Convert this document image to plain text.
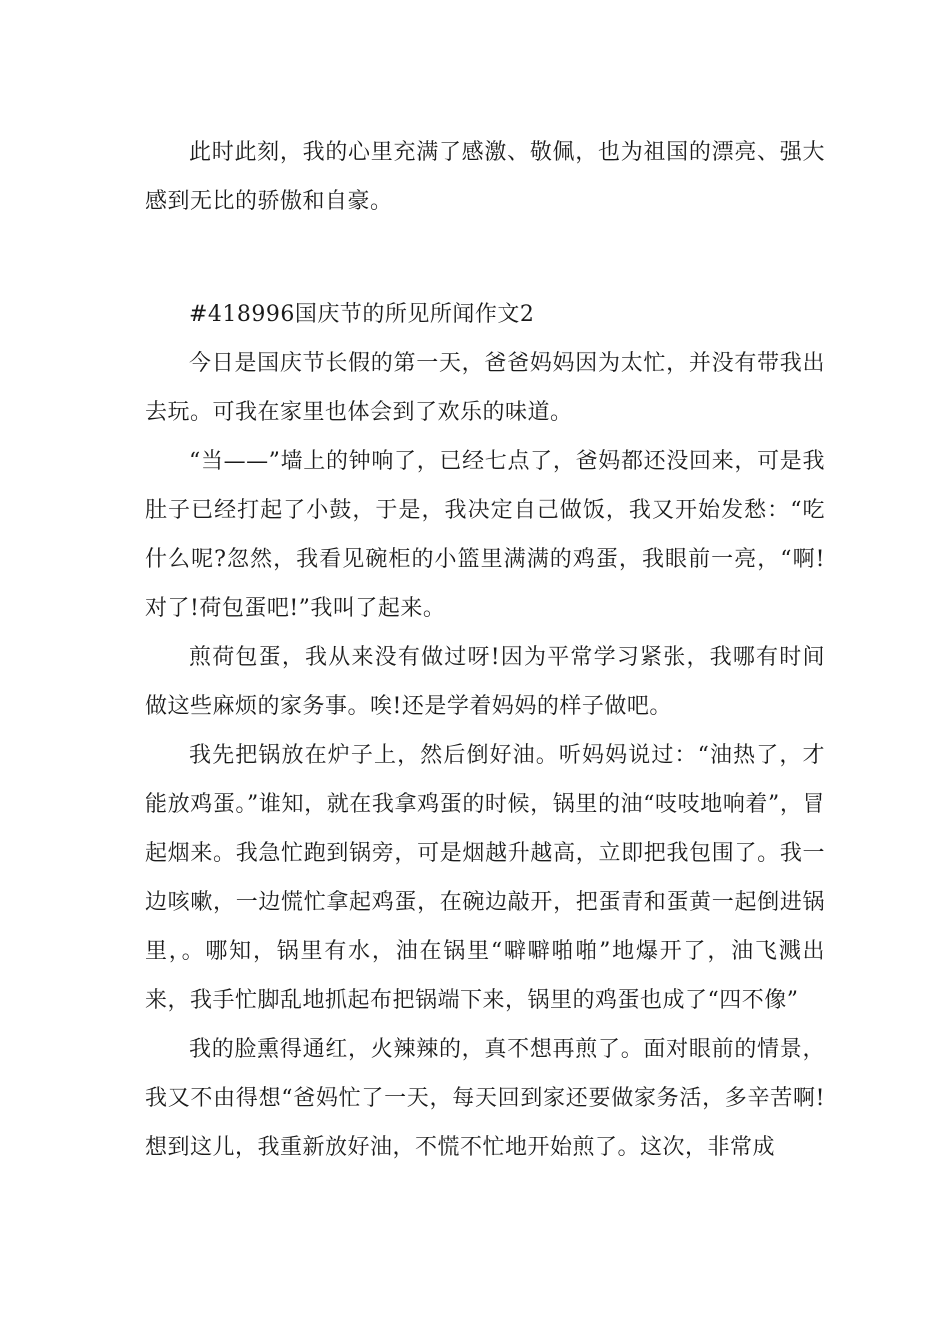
此时此刻，我的心里充满了感激、敬佩，也为祖国的漂亮、强大感到无比的骄傲和自豪。

#418996国庆节的所见所闻作文2

今日是国庆节长假的第一天，爸爸妈妈因为太忙，并没有带我出去玩。可我在家里也体会到了欢乐的味道。

“当——”墙上的钟响了，已经七点了，爸妈都还没回来，可是我肚子已经打起了小鼓，于是，我决定自己做饭，我又开始发愁：“吃什么呢?忽然，我看见碗柜的小篮里满满的鸡蛋，我眼前一亮，“啊!对了!荷包蛋吧!”我叫了起来。

煎荷包蛋，我从来没有做过呀!因为平常学习紧张，我哪有时间做这些麻烦的家务事。唉!还是学着妈妈的样子做吧。

我先把锅放在炉子上，然后倒好油。听妈妈说过：“油热了，才能放鸡蛋。”谁知，就在我拿鸡蛋的时候，锅里的油“吱吱地响着”，冒起烟来。我急忙跑到锅旁，可是烟越升越高，立即把我包围了。我一边咳嗽，一边慌忙拿起鸡蛋，在碗边敲开，把蛋青和蛋黄一起倒进锅里，。哪知，锅里有水，油在锅里“噼噼啪啪”地爆开了，油飞溅出来，我手忙脚乱地抓起布把锅端下来，锅里的鸡蛋也成了“四不像”

我的脸熏得通红，火辣辣的，真不想再煎了。面对眼前的情景，我又不由得想“爸妈忙了一天，每天回到家还要做家务活，多辛苦啊!想到这儿，我重新放好油，不慌不忙地开始煎了。这次，非常成
